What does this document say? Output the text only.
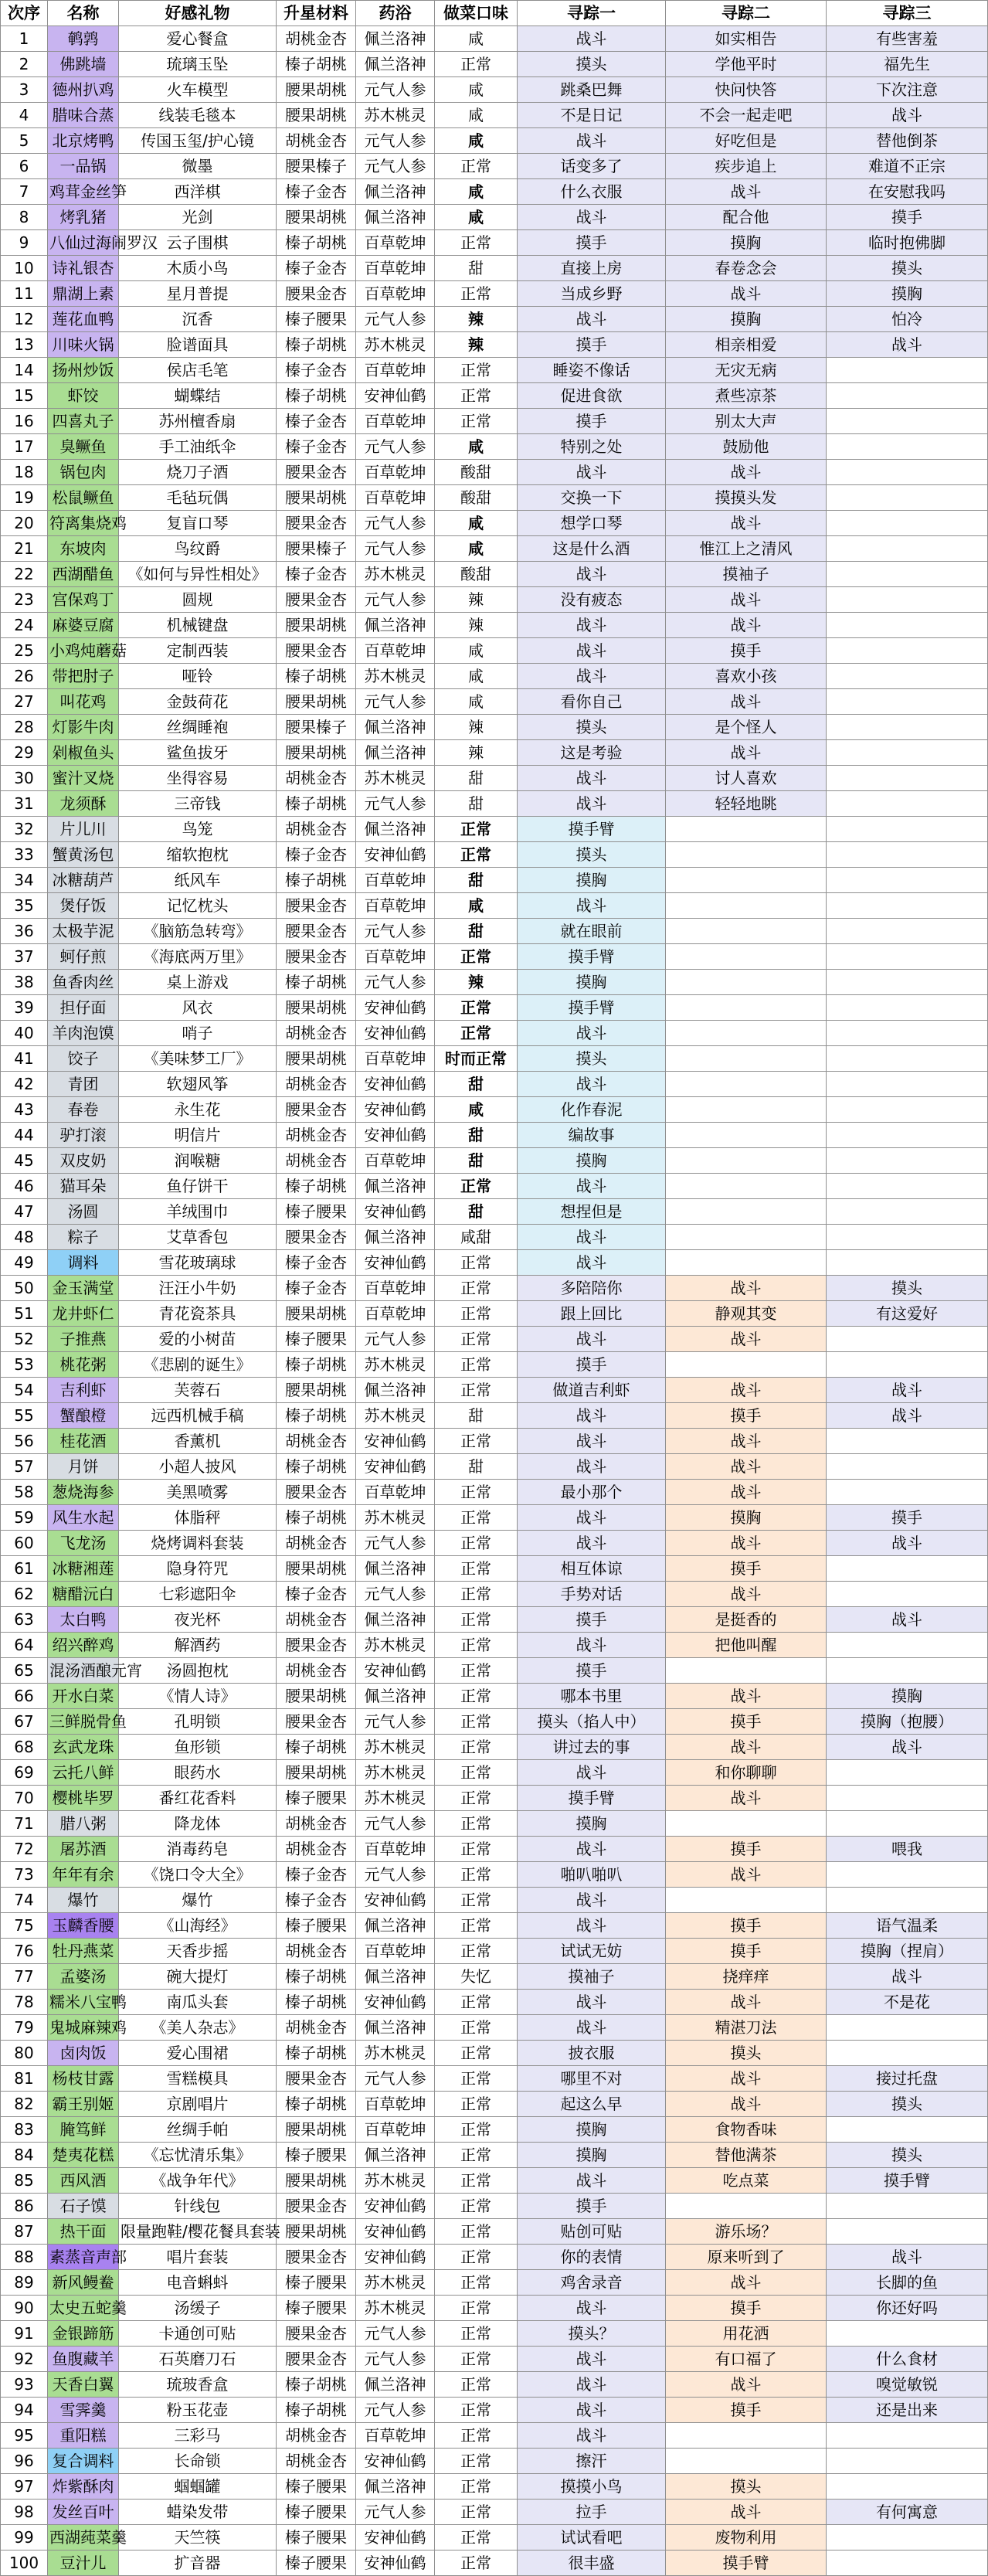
次序	名称	好感礼物	升星材料	药浴	做菜口味	寻踪一	寻踪二	寻踪三
1	鹌鹑	爱心餐盒	胡桃金杏	佩兰洛神	咸	战斗	如实相告	有些害羞
2	佛跳墙	琉璃玉坠	榛子胡桃	佩兰洛神	正常	摸头	学他平时	福先生
3	德州扒鸡	火车模型	腰果胡桃	元气人参	咸	跳桑巴舞	快问快答	下次注意
4	腊味合蒸	线装毛毯本	腰果胡桃	苏木桃灵	咸	不是日记	不会一起走吧	战斗
5	北京烤鸭	传国玉玺/护心镜	胡桃金杏	元气人参	咸	战斗	好吃但是	替他倒茶
6	一品锅	微墨	腰果榛子	元气人参	正常	话变多了	疾步追上	难道不正宗
7	鸡茸金丝笋	西洋棋	榛子金杏	佩兰洛神	咸	什么衣服	战斗	在安慰我吗
8	烤乳猪	光剑	腰果胡桃	佩兰洛神	咸	战斗	配合他	摸手
9	八仙过海闹罗汉	云子围棋	榛子胡桃	百草乾坤	正常	摸手	摸胸	临时抱佛脚
10	诗礼银杏	木质小鸟	榛子金杏	百草乾坤	甜	直接上房	春卷念会	摸头
11	鼎湖上素	星月普提	腰果金杏	百草乾坤	正常	当成乡野	战斗	摸胸
12	莲花血鸭	沉香	榛子腰果	元气人参	辣	战斗	摸胸	怕冷
13	川味火锅	脸谱面具	榛子胡桃	苏木桃灵	辣	摸手	相亲相爱	战斗
14	扬州炒饭	侯店毛笔	榛子金杏	百草乾坤	正常	睡姿不像话	无灾无病	
15	虾饺	蝴蝶结	榛子胡桃	安神仙鹤	正常	促进食欲	煮些凉茶	
16	四喜丸子	苏州檀香扇	榛子金杏	百草乾坤	正常	摸手	别太大声	
17	臭鳜鱼	手工油纸伞	榛子金杏	元气人参	咸	特别之处	鼓励他	
18	锅包肉	烧刀子酒	腰果金杏	百草乾坤	酸甜	战斗	战斗	
19	松鼠鳜鱼	毛毡玩偶	腰果胡桃	百草乾坤	酸甜	交换一下	摸摸头发	
20	符离集烧鸡	复盲口琴	腰果金杏	元气人参	咸	想学口琴	战斗	
21	东坡肉	鸟纹爵	腰果榛子	元气人参	咸	这是什么酒	惟江上之清风	
22	西湖醋鱼	《如何与异性相处》	榛子金杏	苏木桃灵	酸甜	战斗	摸袖子	
23	宫保鸡丁	圆规	腰果金杏	元气人参	辣	没有疲态	战斗	
24	麻婆豆腐	机械键盘	腰果胡桃	佩兰洛神	辣	战斗	战斗	
25	小鸡炖蘑菇	定制西装	腰果金杏	百草乾坤	咸	战斗	摸手	
26	带把肘子	哑铃	榛子胡桃	苏木桃灵	咸	战斗	喜欢小孩	
27	叫花鸡	金鼓荷花	腰果胡桃	元气人参	咸	看你自己	战斗	
28	灯影牛肉	丝绸睡袍	腰果榛子	佩兰洛神	辣	摸头	是个怪人	
29	剁椒鱼头	鲨鱼拔牙	腰果胡桃	佩兰洛神	辣	这是考验	战斗	
30	蜜汁叉烧	坐得容易	胡桃金杏	苏木桃灵	甜	战斗	讨人喜欢	
31	龙须酥	三帝钱	榛子胡桃	元气人参	甜	战斗	轻轻地眺	
32	片儿川	鸟笼	胡桃金杏	佩兰洛神	正常	摸手臂		
33	蟹黄汤包	缩软抱枕	榛子金杏	安神仙鹤	正常	摸头		
34	冰糖葫芦	纸风车	榛子胡桃	百草乾坤	甜	摸胸		
35	煲仔饭	记忆枕头	腰果金杏	百草乾坤	咸	战斗		
36	太极芋泥	《脑筋急转弯》	腰果金杏	元气人参	甜	就在眼前		
37	蚵仔煎	《海底两万里》	腰果金杏	百草乾坤	正常	摸手臂		
38	鱼香肉丝	桌上游戏	榛子胡桃	元气人参	辣	摸胸		
39	担仔面	风衣	腰果胡桃	安神仙鹤	正常	摸手臂		
40	羊肉泡馍	哨子	胡桃金杏	安神仙鹤	正常	战斗		
41	饺子	《美味梦工厂》	腰果胡桃	百草乾坤	时而正常	摸头		
42	青团	软翅风筝	胡桃金杏	安神仙鹤	甜	战斗		
43	春卷	永生花	腰果金杏	安神仙鹤	咸	化作春泥		
44	驴打滚	明信片	胡桃金杏	安神仙鹤	甜	编故事		
45	双皮奶	润喉糖	胡桃金杏	百草乾坤	甜	摸胸		
46	猫耳朵	鱼仔饼干	榛子胡桃	佩兰洛神	正常	战斗		
47	汤圆	羊绒围巾	榛子腰果	安神仙鹤	甜	想捏但是		
48	粽子	艾草香包	腰果金杏	佩兰洛神	咸甜	战斗		
49	调料	雪花玻璃球	榛子金杏	安神仙鹤	正常	战斗		
50	金玉满堂	汪汪小牛奶	榛子金杏	百草乾坤	正常	多陪陪你	战斗	摸头
51	龙井虾仁	青花瓷茶具	腰果胡桃	百草乾坤	正常	跟上回比	静观其变	有这爱好
52	子推燕	爱的小树苗	榛子腰果	元气人参	正常	战斗	战斗	
53	桃花粥	《悲剧的诞生》	榛子胡桃	苏木桃灵	正常	摸手		
54	吉利虾	芙蓉石	腰果胡桃	佩兰洛神	正常	做道吉利虾	战斗	战斗
55	蟹酿橙	远西机械手稿	榛子胡桃	苏木桃灵	甜	战斗	摸手	战斗
56	桂花酒	香薰机	胡桃金杏	安神仙鹤	正常	战斗	战斗	
57	月饼	小超人披风	榛子胡桃	安神仙鹤	甜	战斗	战斗	
58	葱烧海参	美黑喷雾	腰果金杏	百草乾坤	正常	最小那个	战斗	
59	风生水起	体脂秤	榛子胡桃	苏木桃灵	正常	战斗	摸胸	摸手
60	飞龙汤	烧烤调料套装	胡桃金杏	元气人参	正常	战斗	战斗	战斗
61	冰糖湘莲	隐身符咒	腰果胡桃	佩兰洛神	正常	相互体谅	摸手	
62	糖醋沅白	七彩遮阳伞	榛子金杏	元气人参	正常	手势对话	战斗	
63	太白鸭	夜光杯	胡桃金杏	佩兰洛神	正常	摸手	是挺香的	战斗
64	绍兴醉鸡	解酒药	腰果金杏	苏木桃灵	正常	战斗	把他叫醒	
65	混汤酒酿元宵	汤圆抱枕	胡桃金杏	安神仙鹤	正常	摸手		
66	开水白菜	《情人诗》	腰果胡桃	佩兰洛神	正常	哪本书里	战斗	摸胸
67	三鲜脱骨鱼	孔明锁	腰果金杏	元气人参	正常	摸头（掐人中）	摸手	摸胸（抱腰）
68	玄武龙珠	鱼形锁	榛子胡桃	苏木桃灵	正常	讲过去的事	战斗	战斗
69	云托八鲜	眼药水	腰果胡桃	苏木桃灵	正常	战斗	和你聊聊	
70	樱桃毕罗	番红花香料	榛子腰果	苏木桃灵	正常	摸手臂	战斗	
71	腊八粥	降龙体	胡桃金杏	元气人参	正常	摸胸		
72	屠苏酒	消毒药皂	胡桃金杏	百草乾坤	正常	战斗	摸手	喂我
73	年年有余	《饶口令大全》	榛子金杏	元气人参	正常	啪叭啪叭	战斗	
74	爆竹	爆竹	榛子金杏	安神仙鹤	正常	战斗		
75	玉麟香腰	《山海经》	榛子腰果	佩兰洛神	正常	战斗	摸手	语气温柔
76	牡丹燕菜	天香步摇	胡桃金杏	百草乾坤	正常	试试无妨	摸手	摸胸（捏肩）
77	孟婆汤	碗大提灯	榛子胡桃	佩兰洛神	失忆	摸袖子	挠痒痒	战斗
78	糯米八宝鸭	南瓜头套	榛子胡桃	安神仙鹤	正常	战斗	战斗	不是花
79	鬼城麻辣鸡	《美人杂志》	胡桃金杏	佩兰洛神	正常	战斗	精湛刀法	
80	卤肉饭	爱心围裙	榛子胡桃	苏木桃灵	正常	披衣服	摸头	
81	杨枝甘露	雪糕模具	腰果金杏	元气人参	正常	哪里不对	战斗	接过托盘
82	霸王别姬	京剧唱片	榛子胡桃	百草乾坤	正常	起这么早	战斗	摸头
83	腌笃鲜	丝绸手帕	腰果胡桃	百草乾坤	正常	摸胸	食物香味	
84	楚夷花糕	《忘忧清乐集》	榛子腰果	佩兰洛神	正常	摸胸	替他满茶	摸头
85	西风酒	《战争年代》	腰果胡桃	苏木桃灵	正常	战斗	吃点菜	摸手臂
86	石子馍	针线包	腰果金杏	安神仙鹤	正常	摸手		
87	热干面	限量跑鞋/樱花餐具套装	腰果胡桃	安神仙鹤	正常	贴创可贴	游乐场？	
88	素蒸音声部	唱片套装	腰果金杏	安神仙鹤	正常	你的表情	原来听到了	战斗
89	新风鳗鲞	电音蝌蚪	榛子腰果	苏木桃灵	正常	鸡舍录音	战斗	长脚的鱼
90	太史五蛇羹	汤缓子	榛子腰果	苏木桃灵	正常	战斗	摸手	你还好吗
91	金银蹄筋	卡通创可贴	腰果金杏	元气人参	正常	摸头？	用花洒	
92	鱼腹藏羊	石英磨刀石	腰果金杏	元气人参	正常	战斗	有口福了	什么食材
93	天香白翼	琉玻香盒	榛子胡桃	佩兰洛神	正常	战斗	战斗	嗅觉敏锐
94	雪霁羹	粉玉花壶	榛子胡桃	元气人参	正常	战斗	摸手	还是出来
95	重阳糕	三彩马	胡桃金杏	百草乾坤	正常	战斗		
96	复合调料	长命锁	胡桃金杏	安神仙鹤	正常	擦汗		
97	炸紫酥肉	蝈蝈罐	榛子腰果	佩兰洛神	正常	摸摸小鸟	摸头	
98	发丝百叶	蜡染发带	榛子腰果	元气人参	正常	拉手	战斗	有何寓意
99	西湖莼菜羹	天竺筷	榛子腰果	安神仙鹤	正常	试试看吧	废物利用	
100	豆汁儿	扩音器	榛子腰果	安神仙鹤	正常	很丰盛	摸手臂	
